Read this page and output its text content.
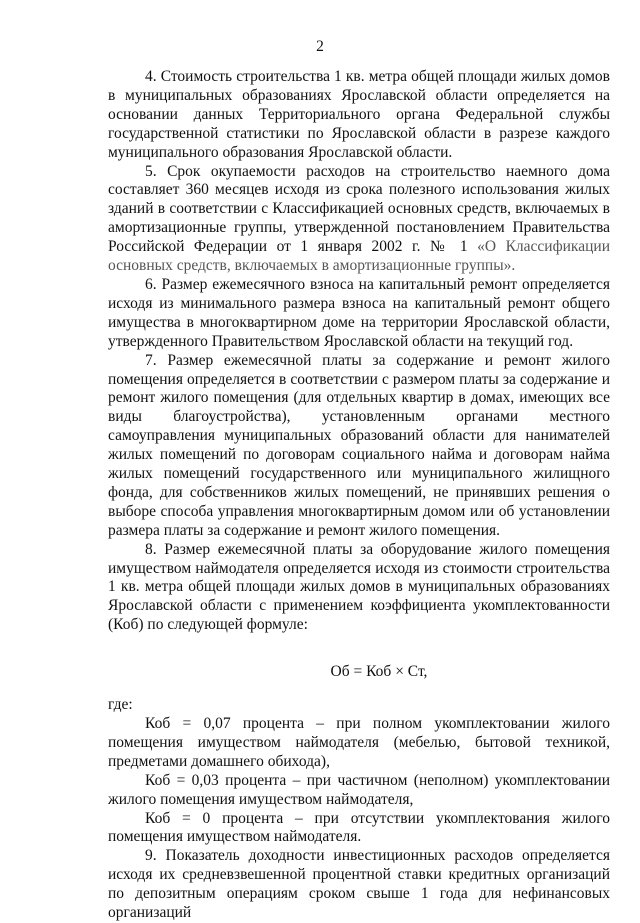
2

4. Стоимость строительства 1 кв. метра общей площади жилых домов в муниципальных образованиях Ярославской области определяется на основании данных Территориального органа Федеральной службы государственной статистики по Ярославской области в разрезе каждого муниципального образования Ярославской области.

5. Срок окупаемости расходов на строительство наемного дома составляет 360 месяцев исходя из срока полезного использования жилых зданий в соответствии с Классификацией основных средств, включаемых в амортизационные группы, утвержденной постановлением Правительства Российской Федерации от 1 января 2002 г. № 1 «О Классификации основных средств, включаемых в амортизационные группы».

6. Размер ежемесячного взноса на капитальный ремонт определяется исходя из минимального размера взноса на капитальный ремонт общего имущества в многоквартирном доме на территории Ярославской области, утвержденного Правительством Ярославской области на текущий год.

7. Размер ежемесячной платы за содержание и ремонт жилого помещения определяется в соответствии с размером платы за содержание и ремонт жилого помещения (для отдельных квартир в домах, имеющих все виды благоустройства), установленным органами местного самоуправления муниципальных образований области для нанимателей жилых помещений по договорам социального найма и договорам найма жилых помещений государственного или муниципального жилищного фонда, для собственников жилых помещений, не принявших решения о выборе способа управления многоквартирным домом или об установлении размера платы за содержание и ремонт жилого помещения.

8. Размер ежемесячной платы за оборудование жилого помещения имуществом наймодателя определяется исходя из стоимости строительства 1 кв. метра общей площади жилых домов в муниципальных образованиях Ярославской области с применением коэффициента укомплектованности (Коб) по следующей формуле:

Об = Коб × Ст,

где:

Коб = 0,07 процента – при полном укомплектовании жилого помещения имуществом наймодателя (мебелью, бытовой техникой, предметами домашнего обихода),

Коб = 0,03 процента – при частичном (неполном) укомплектовании жилого помещения имуществом наймодателя,

Коб = 0 процента – при отсутствии укомплектования жилого помещения имуществом наймодателя.

9. Показатель доходности инвестиционных расходов определяется исходя их средневзвешенной процентной ставки кредитных организаций по депозитным операциям сроком свыше 1 года для нефинансовых организаций
